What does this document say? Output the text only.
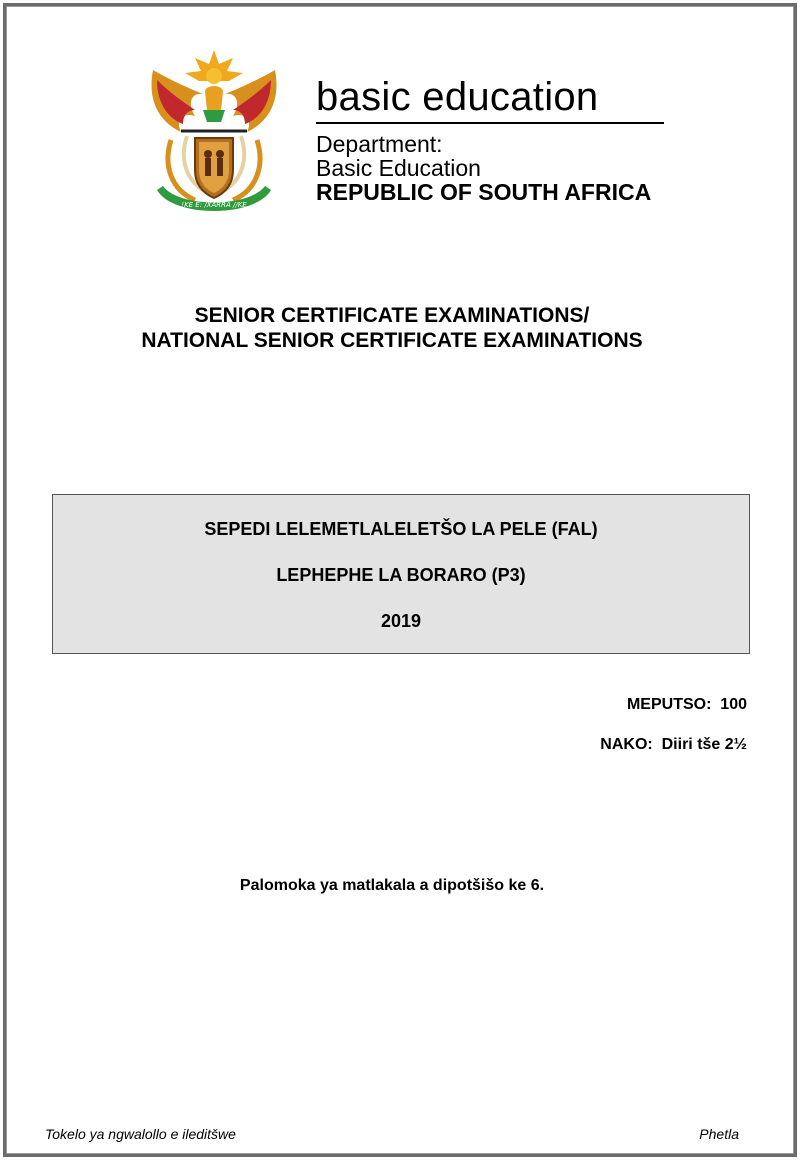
!KE E: /XARRA //KE
basic education
Department:
Basic Education
REPUBLIC OF SOUTH AFRICA
SENIOR CERTIFICATE EXAMINATIONS/
NATIONAL SENIOR CERTIFICATE EXAMINATIONS
SEPEDI LELEMETLALELETŠO LA PELE (FAL)
LEPHEPHE LA BORARO (P3)
2019
MEPUTSO:  100
NAKO:  Diiri tše 2½
Palomoka ya matlakala a dipotšišo ke 6.
Tokelo ya ngwalollo e ileditšwe	Phetla
